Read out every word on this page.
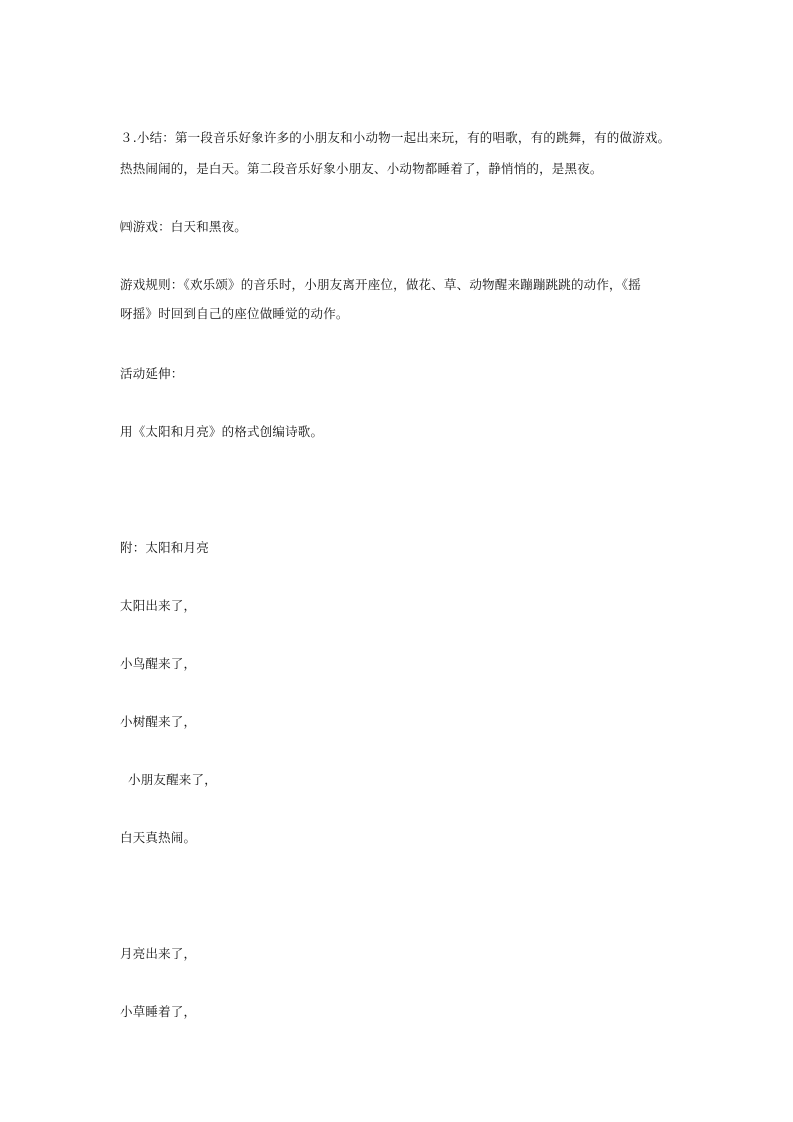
３.小结：第一段音乐好象许多的小朋友和小动物一起出来玩，有的唱歌，有的跳舞，有的做游戏。
热热闹闹的，是白天。第二段音乐好象小朋友、小动物都睡着了，静悄悄的，是黑夜。
㈣游戏：白天和黑夜。
游戏规则：《欢乐颂》的音乐时，小朋友离开座位，做花、草、动物醒来蹦蹦跳跳的动作，《摇
呀摇》时回到自己的座位做睡觉的动作。
活动延伸：
用《太阳和月亮》的格式创编诗歌。
附：太阳和月亮
太阳出来了，
小鸟醒来了，
小树醒来了，
小朋友醒来了，
白天真热闹。
月亮出来了，
小草睡着了，
